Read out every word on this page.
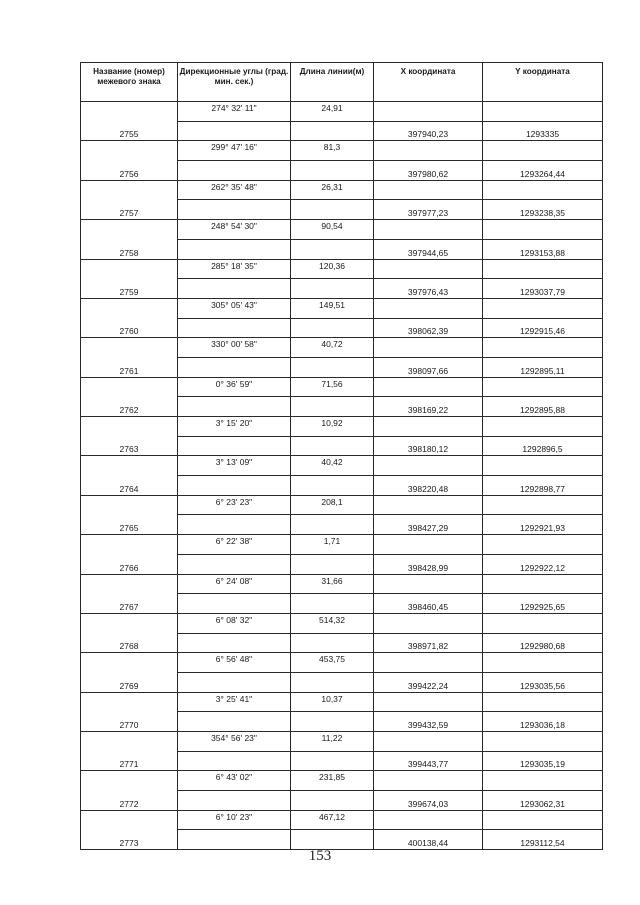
Название (номер) межевого знака	Дирекционные углы (град. мин. сек.)	Длина линии(м)	X координата	Y координата
	274° 32' 11"	24,91		
2755			397940,23	1293335
	299° 47' 16"	81,3		
2756			397980,62	1293264,44
	262° 35' 48"	26,31		
2757			397977,23	1293238,35
	248° 54' 30"	90,54		
2758			397944,65	1293153,88
	285° 18' 35"	120,36		
2759			397976,43	1293037,79
	305° 05' 43"	149,51		
2760			398062,39	1292915,46
	330° 00' 58"	40,72		
2761			398097,66	1292895,11
	0° 36' 59"	71,56		
2762			398169,22	1292895,88
	3° 15' 20"	10,92		
2763			398180,12	1292896,5
	3° 13' 09"	40,42		
2764			398220,48	1292898,77
	6° 23' 23"	208,1		
2765			398427,29	1292921,93
	6° 22' 38"	1,71		
2766			398428,99	1292922,12
	6° 24' 08"	31,66		
2767			398460,45	1292925,65
	6° 08' 32"	514,32		
2768			398971,82	1292980,68
	6° 56' 48"	453,75		
2769			399422,24	1293035,56
	3° 25' 41"	10,37		
2770			399432,59	1293036,18
	354° 56' 23"	11,22		
2771			399443,77	1293035,19
	6° 43' 02"	231,85		
2772			399674,03	1293062,31
	6° 10' 23"	467,12		
2773			400138,44	1293112,54
153
